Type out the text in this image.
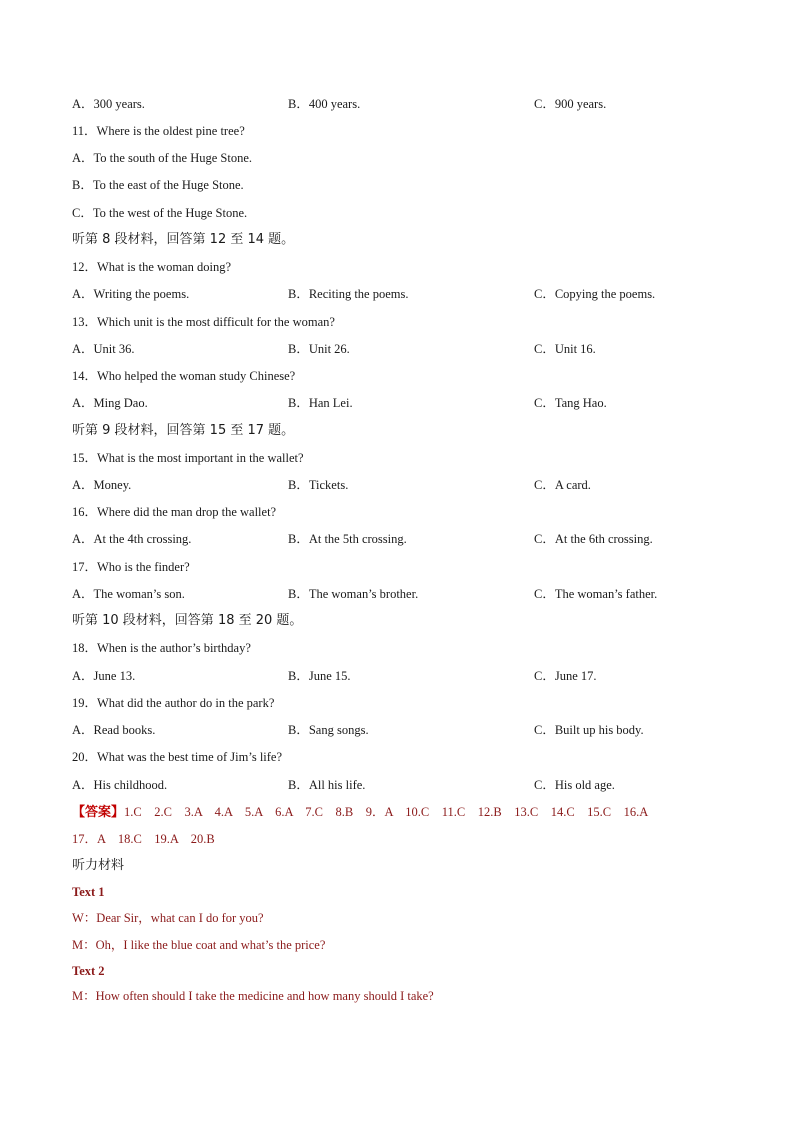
A．300 years.	B．400 years.	C．900 years.
11．Where is the oldest pine tree?
A．To the south of the Huge Stone.
B．To the east of the Huge Stone.
C．To the west of the Huge Stone.
听第 8 段材料，回答第 12 至 14 题。
12．What is the woman doing?
A．Writing the poems.	B．Reciting the poems.	C．Copying the poems.
13．Which unit is the most difficult for the woman?
A．Unit 36.	B．Unit 26.	C．Unit 16.
14．Who helped the woman study Chinese?
A．Ming Dao.	B．Han Lei.	C．Tang Hao.
听第 9 段材料，回答第 15 至 17 题。
15．What is the most important in the wallet?
A．Money.	B．Tickets.	C．A card.
16．Where did the man drop the wallet?
A．At the 4th crossing.	B．At the 5th crossing.	C．At the 6th crossing.
17．Who is the finder?
A．The woman’s son.	B．The woman’s brother.	C．The woman’s father.
听第 10 段材料，回答第 18 至 20 题。
18．When is the author’s birthday?
A．June 13.	B．June 15.	C．June 17.
19．What did the author do in the park?
A．Read books.	B．Sang songs.	C．Built up his body.
20．What was the best time of Jim’s life?
A．His childhood.	B．All his life.	C．His old age.
【答案】1.C    2.C    3.A    4.A    5.A    6.A    7.C    8.B    9．A    10.C    11.C    12.B    13.C    14.C    15.C    16.A
17．A    18.C    19.A    20.B
听力材料
Text 1
W：Dear Sir，what can I do for you?
M：Oh，I like the blue coat and what’s the price?
Text 2
M：How often should I take the medicine and how many should I take?
